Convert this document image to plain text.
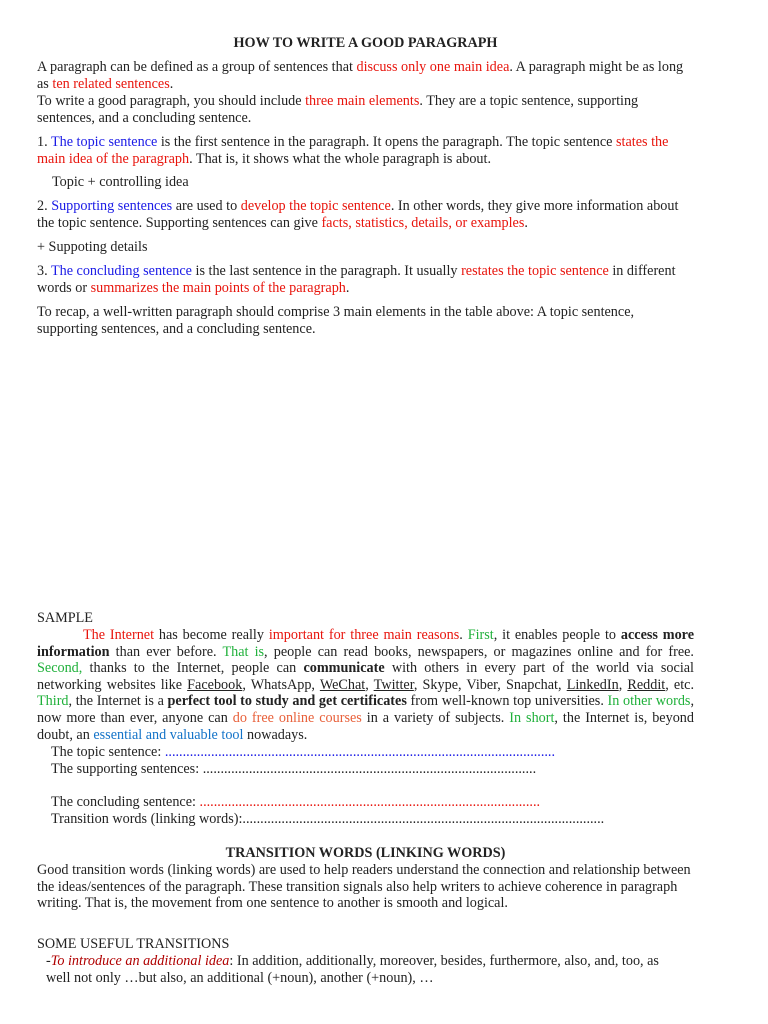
HOW TO WRITE A GOOD PARAGRAPH

A paragraph can be defined as a group of sentences that discuss only one main idea. A paragraph might be as long as ten related sentences.

To write a good paragraph, you should include three main elements. They are a topic sentence, supporting sentences, and a concluding sentence.

1. The topic sentence is the first sentence in the paragraph. It opens the paragraph. The topic sentence states the main idea of the paragraph. That is, it shows what the whole paragraph is about.

Topic + controlling idea

2. Supporting sentences are used to develop the topic sentence. In other words, they give more information about the topic sentence. Supporting sentences can give facts, statistics, details, or examples.

+ Suppoting details

3. The concluding sentence is the last sentence in the paragraph. It usually restates the topic sentence in different words or summarizes the main points of the paragraph.

To recap, a well-written paragraph should comprise 3 main elements in the table above: A topic sentence, supporting sentences, and a concluding sentence.

SAMPLE

The Internet has become really important for three main reasons. First, it enables people to access more information than ever before. That is, people can read books, newspapers, or magazines online and for free. Second, thanks to the Internet, people can communicate with others in every part of the world via social networking websites like Facebook, WhatsApp, WeChat, Twitter, Skype, Viber, Snapchat, LinkedIn, Reddit, etc. Third, the Internet is a perfect tool to study and get certificates from well-known top universities. In other words, now more than ever, anyone can do free online courses in a variety of subjects. In short, the Internet is, beyond doubt, an essential and valuable tool nowadays.

The topic sentence: ..............................................................................................................

The supporting sentences: ..............................................................................................

The concluding sentence: ................................................................................................

Transition words (linking words):......................................................................................................

TRANSITION WORDS (LINKING WORDS)

Good transition words (linking words) are used to help readers understand the connection and relationship between the ideas/sentences of the paragraph. These transition signals also help writers to achieve coherence in paragraph writing. That is, the movement from one sentence to another is smooth and logical.

SOME USEFUL TRANSITIONS

-To introduce an additional idea: In addition, additionally, moreover, besides, furthermore, also, and, too, as well not only …but also, an additional (+noun), another (+noun), …
